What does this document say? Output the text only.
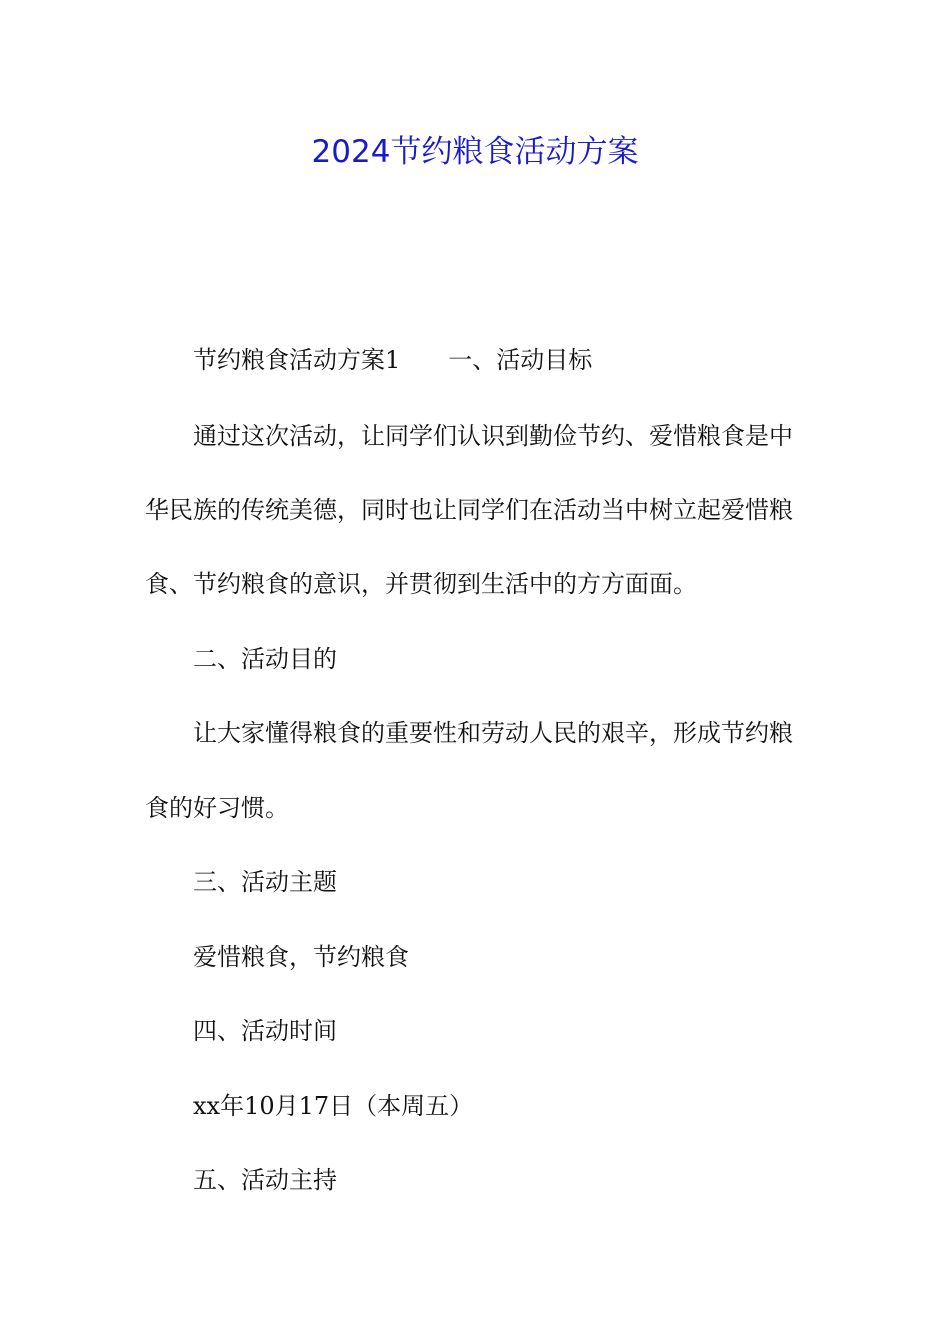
2024节约粮食活动方案
节约粮食活动方案1 一、活动目标
通过这次活动，让同学们认识到勤俭节约、爱惜粮食是中
华民族的传统美德，同时也让同学们在活动当中树立起爱惜粮
食、节约粮食的意识，并贯彻到生活中的方方面面。
二、活动目的
让大家懂得粮食的重要性和劳动人民的艰辛，形成节约粮
食的好习惯。
三、活动主题
爱惜粮食，节约粮食
四、活动时间
xx年10月17日（本周五）
五、活动主持
